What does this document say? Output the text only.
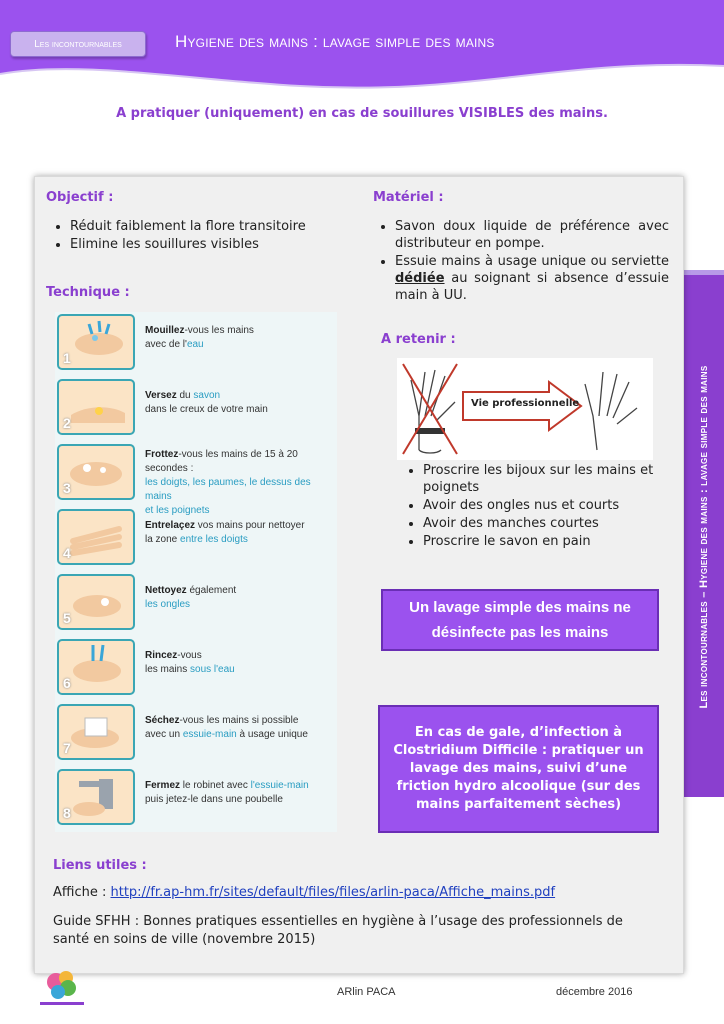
Les incontournables	Hygiene des mains : lavage simple des mains
A pratiquer (uniquement) en cas de souillures VISIBLES des mains.
Les incontournables – Hygiene des mains : lavage simple des mains
Objectif :
• Réduit faiblement la flore transitoire
• Elimine les souillures visibles
Matériel :
• Savon doux liquide de préférence avec distributeur en pompe.
• Essuie mains à usage unique ou serviette dédiée au soignant si absence d’essuie main à UU.
Technique :
1
Mouillez-vous les mains
avec de l'eau
2
Versez du savon
dans le creux de votre main
3
Frottez-vous les mains de 15 à 20 secondes :
les doigts, les paumes, le dessus des mains
et les poignets
4
Entrelaçez vos mains pour nettoyer
la zone entre les doigts
5
Nettoyez également
les ongles
6
Rincez-vous
les mains sous l'eau
7
Séchez-vous les mains si possible
avec un essuie-main à usage unique
8
Fermez le robinet avec l'essuie-main
puis jetez-le dans une poubelle
A retenir :
Vie professionnelle
• Proscrire les bijoux sur les mains et poignets
• Avoir des ongles nus et courts
• Avoir des manches courtes
• Proscrire le savon en pain
Un lavage simple des mains ne désinfecte pas les mains
En cas de gale, d’infection à Clostridium Difficile : pratiquer un lavage des mains, suivi d’une friction hydro alcoolique (sur des mains parfaitement sèches)
Liens utiles :
Affiche : http://fr.ap-hm.fr/sites/default/files/files/arlin-paca/Affiche_mains.pdf
Guide SFHH : Bonnes pratiques essentielles en hygiène à l’usage des professionnels de santé en soins de ville (novembre 2015)
ARlin PACA	décembre 2016
